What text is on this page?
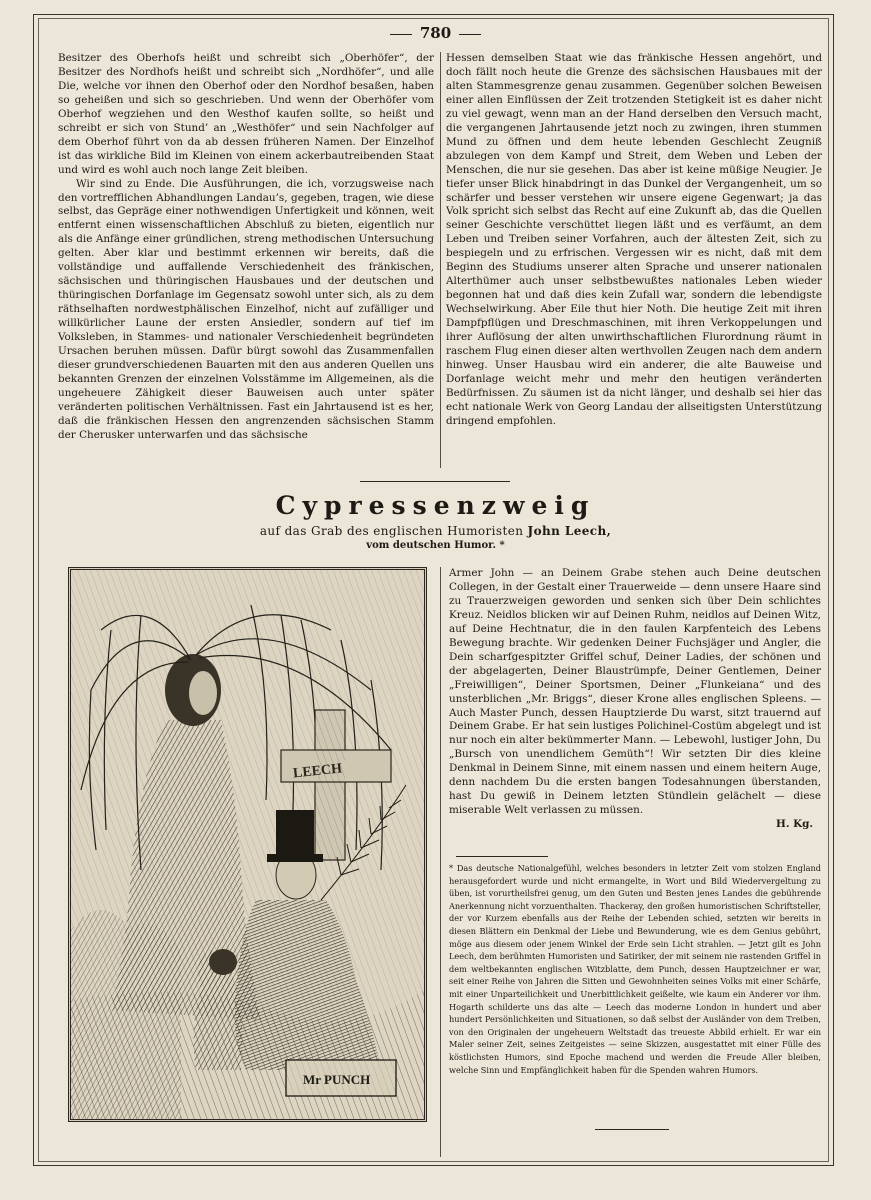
780

Besitzer des Oberhofs heißt und schreibt sich „Oberhöfer“, der Besitzer des Nordhofs heißt und schreibt sich „Nordhöfer“, und alle Die, welche vor ihnen den Oberhof oder den Nordhof besaßen, haben so geheißen und sich so geschrieben. Und wenn der Oberhöfer vom Oberhof wegziehen und den Westhof kaufen sollte, so heißt und schreibt er sich von Stund’ an „Westhöfer“ und sein Nachfolger auf dem Oberhof führt von da ab dessen früheren Namen. Der Einzelhof ist das wirkliche Bild im Kleinen von einem ackerbautreibenden Staat und wird es wohl auch noch lange Zeit bleiben.

Wir sind zu Ende. Die Ausführungen, die ich, vorzugsweise nach den vortrefflichen Abhandlungen Landau’s, gegeben, tragen, wie diese selbst, das Gepräge einer nothwendigen Unfertigkeit und können, weit entfernt einen wissenschaftlichen Abschluß zu bieten, eigentlich nur als die Anfänge einer gründlichen, streng methodischen Untersuchung gelten. Aber klar und bestimmt erkennen wir bereits, daß die vollständige und auffallende Verschiedenheit des fränkischen, sächsischen und thüringischen Hausbaues und der deutschen und thüringischen Dorfanlage im Gegensatz sowohl unter sich, als zu dem räthselhaften nordwestphälischen Einzelhof, nicht auf zufälliger und willkürlicher Laune der ersten Ansiedler, sondern auf tief im Volksleben, in Stammes- und nationaler Verschiedenheit begründeten Ursachen beruhen müssen. Dafür bürgt sowohl das Zusammenfallen dieser grundverschiedenen Bauarten mit den aus anderen Quellen uns bekannten Grenzen der einzelnen Volsstämme im Allgemeinen, als die ungeheuere Zähigkeit dieser Bauweisen auch unter später veränderten politischen Verhältnissen. Fast ein Jahrtausend ist es her, daß die fränkischen Hessen den angrenzenden sächsischen Stamm der Cherusker unterwarfen und das sächsische

Hessen demselben Staat wie das fränkische Hessen angehört, und doch fällt noch heute die Grenze des sächsischen Hausbaues mit der alten Stammesgrenze genau zusammen. Gegenüber solchen Beweisen einer allen Einflüssen der Zeit trotzenden Stetigkeit ist es daher nicht zu viel gewagt, wenn man an der Hand derselben den Versuch macht, die vergangenen Jahrtausende jetzt noch zu zwingen, ihren stummen Mund zu öffnen und dem heute lebenden Geschlecht Zeugniß abzulegen von dem Kampf und Streit, dem Weben und Leben der Menschen, die nur sie gesehen. Das aber ist keine müßige Neugier. Je tiefer unser Blick hinabdringt in das Dunkel der Vergangenheit, um so schärfer und besser verstehen wir unsere eigene Gegenwart; ja das Volk spricht sich selbst das Recht auf eine Zukunft ab, das die Quellen seiner Geschichte verschüttet liegen läßt und es verfäumt, an dem Leben und Treiben seiner Vorfahren, auch der ältesten Zeit, sich zu bespiegeln und zu erfrischen. Vergessen wir es nicht, daß mit dem Beginn des Studiums unserer alten Sprache und unserer nationalen Alterthümer auch unser selbstbewußtes nationales Leben wieder begonnen hat und daß dies kein Zufall war, sondern die lebendigste Wechselwirkung. Aber Eile thut hier Noth. Die heutige Zeit mit ihren Dampfpflügen und Dreschmaschinen, mit ihren Verkoppelungen und ihrer Auflösung der alten unwirthschaftlichen Flurordnung räumt in raschem Flug einen dieser alten werthvollen Zeugen nach dem andern hinweg. Unser Hausbau wird ein anderer, die alte Bauweise und Dorfanlage weicht mehr und mehr den heutigen veränderten Bedürfnissen. Zu säumen ist da nicht länger, und deshalb sei hier das echt nationale Werk von Georg Landau der allseitigsten Unterstützung dringend empfohlen.

Cypressenzweig
auf das Grab des englischen Humoristen John Leech,
vom deutschen Humor. *
LEECH
Mr PUNCH

Armer John — an Deinem Grabe stehen auch Deine deutschen Collegen, in der Gestalt einer Trauerweide — denn unsere Haare sind zu Trauerzweigen geworden und senken sich über Dein schlichtes Kreuz. Neidlos blicken wir auf Deinen Ruhm, neidlos auf Deinen Witz, auf Deine Hechtnatur, die in den faulen Karpfenteich des Lebens Bewegung brachte. Wir gedenken Deiner Fuchsjäger und Angler, die Dein scharfgespitzter Griffel schuf, Deiner Ladies, der schönen und der abgelagerten, Deiner Blaustrümpfe, Deiner Gentlemen, Deiner „Freiwilligen“, Deiner Sportsmen, Deiner „Flunkeiana“ und des unsterblichen „Mr. Briggs“, dieser Krone alles englischen Spleens. — Auch Master Punch, dessen Hauptzierde Du warst, sitzt trauernd auf Deinem Grabe. Er hat sein lustiges Polichinel-Costüm abgelegt und ist nur noch ein alter bekümmerter Mann. — Lebewohl, lustiger John, Du „Bursch von unendlichem Gemüth“! Wir setzten Dir dies kleine Denkmal in Deinem Sinne, mit einem nassen und einem heitern Auge, denn nachdem Du die ersten bangen Todesahnungen überstanden, hast Du gewiß in Deinem letzten Stündlein gelächelt — diese miserable Welt verlassen zu müssen.

H. Kg.
* Das deutsche Nationalgefühl, welches besonders in letzter Zeit vom stolzen England herausgefordert wurde und nicht ermangelte, in Wort und Bild Wiedervergeltung zu üben, ist vorurtheilsfrei genug, um den Guten und Besten jenes Landes die gebührende Anerkennung nicht vorzuenthalten. Thackeray, den großen humoristischen Schriftsteller, der vor Kurzem ebenfalls aus der Reihe der Lebenden schied, setzten wir bereits in diesen Blättern ein Denkmal der Liebe und Bewunderung, wie es dem Genius gebührt, möge aus diesem oder jenem Winkel der Erde sein Licht strahlen. — Jetzt gilt es John Leech, dem berühmten Humoristen und Satiriker, der mit seinem nie rastenden Griffel in dem weltbekannten englischen Witzblatte, dem Punch, dessen Hauptzeichner er war, seit einer Reihe von Jahren die Sitten und Gewohnheiten seines Volks mit einer Schärfe, mit einer Unparteilichkeit und Unerbittlichkeit geißelte, wie kaum ein Anderer vor ihm. Hogarth schilderte uns das alte — Leech das moderne London in hundert und aber hundert Persönlichkeiten und Situationen, so daß selbst der Ausländer von dem Treiben, von den Originalen der ungeheuern Weltstadt das treueste Abbild erhielt. Er war ein Maler seiner Zeit, seines Zeitgeistes — seine Skizzen, ausgestattet mit einer Fülle des köstlichsten Humors, sind Epoche machend und werden die Freude Aller bleiben, welche Sinn und Empfänglichkeit haben für die Spenden wahren Humors.
